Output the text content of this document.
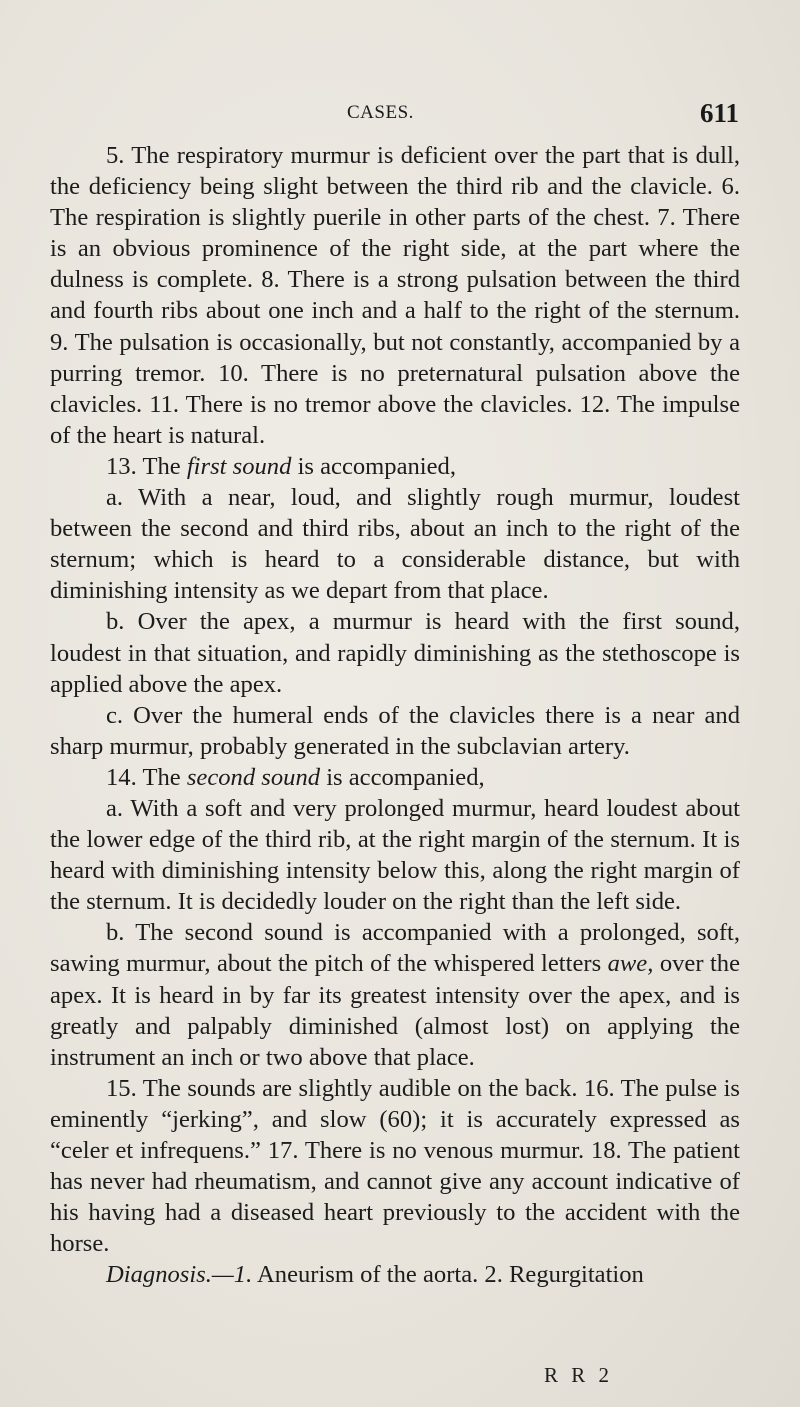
CASES.	611

5. The respiratory murmur is deficient over the part that is dull, the deficiency being slight between the third rib and the clavicle. 6. The respiration is slightly puerile in other parts of the chest. 7. There is an obvious prominence of the right side, at the part where the dulness is complete. 8. There is a strong pulsation between the third and fourth ribs about one inch and a half to the right of the sternum. 9. The pulsation is occasionally, but not constantly, accompanied by a purring tremor. 10. There is no preternatural pulsation above the clavicles. 11. There is no tremor above the clavicles. 12. The impulse of the heart is natural.

13. The first sound is accompanied,

a. With a near, loud, and slightly rough murmur, loudest between the second and third ribs, about an inch to the right of the sternum; which is heard to a considerable distance, but with diminishing intensity as we depart from that place.

b. Over the apex, a murmur is heard with the first sound, loudest in that situation, and rapidly diminishing as the stethoscope is applied above the apex.

c. Over the humeral ends of the clavicles there is a near and sharp murmur, probably generated in the subclavian artery.

14. The second sound is accompanied,

a. With a soft and very prolonged murmur, heard loudest about the lower edge of the third rib, at the right margin of the sternum. It is heard with diminishing intensity below this, along the right margin of the sternum. It is decidedly louder on the right than the left side.

b. The second sound is accompanied with a prolonged, soft, sawing murmur, about the pitch of the whispered letters awe, over the apex. It is heard in by far its greatest intensity over the apex, and is greatly and palpably diminished (almost lost) on applying the instrument an inch or two above that place.

15. The sounds are slightly audible on the back. 16. The pulse is eminently “jerking”, and slow (60); it is accurately expressed as “celer et infrequens.” 17. There is no venous murmur. 18. The patient has never had rheumatism, and cannot give any account indicative of his having had a diseased heart previously to the accident with the horse.

Diagnosis.—1. Aneurism of the aorta. 2. Regurgitation

R R 2
